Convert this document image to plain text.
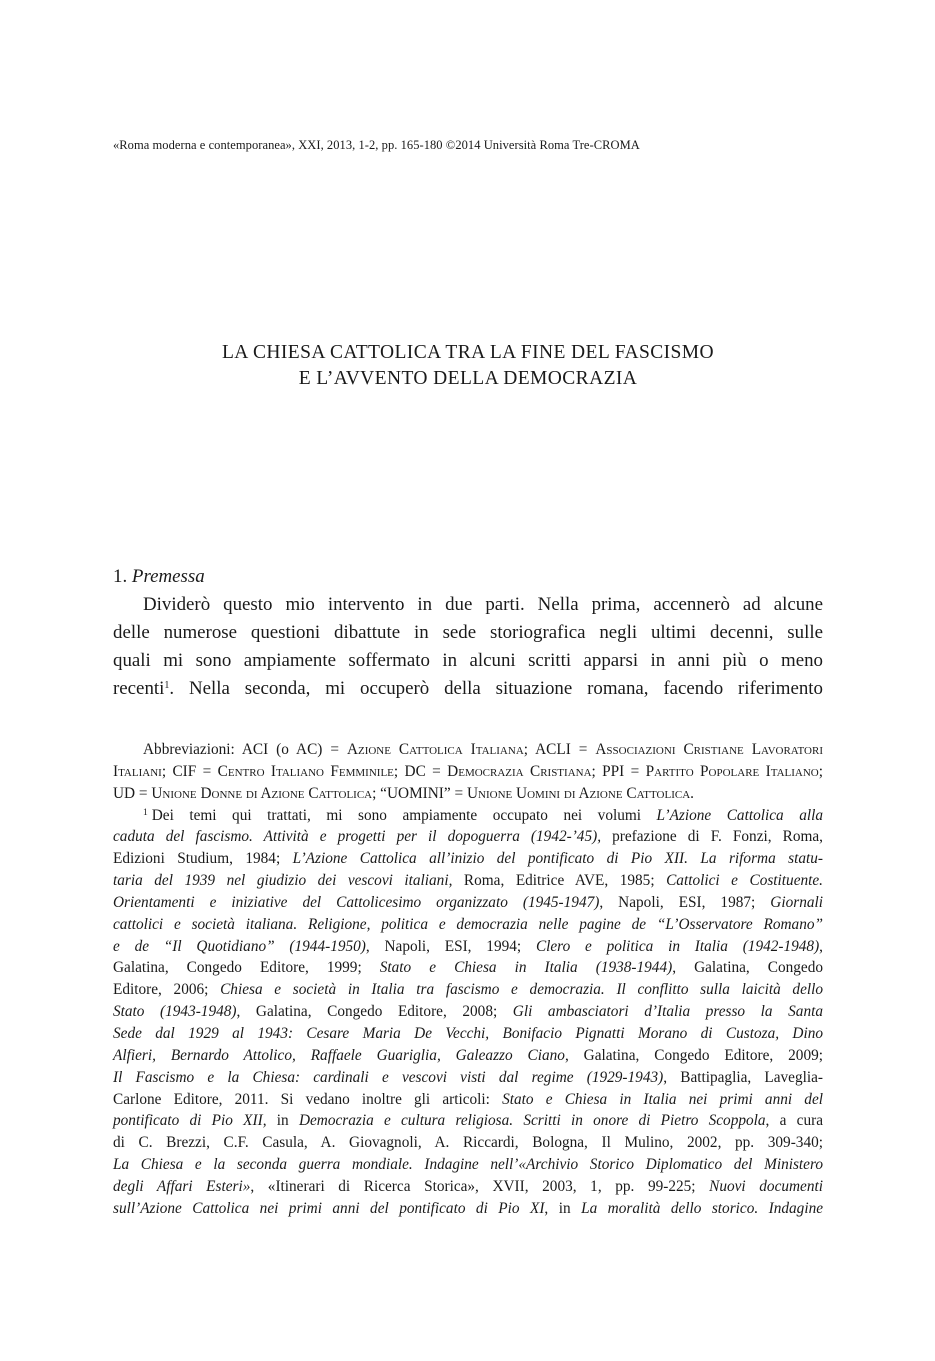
«Roma moderna e contemporanea», XXI, 2013, 1-2, pp. 165-180 ©2014 Università Roma Tre-CROMA
LA CHIESA CATTOLICA TRA LA FINE DEL FASCISMO
E L’AVVENTO DELLA DEMOCRAZIA
1. Premessa
Dividerò questo mio intervento in due parti. Nella prima, accennerò ad alcune
delle numerose questioni dibattute in sede storiografica negli ultimi decenni, sulle
quali mi sono ampiamente soffermato in alcuni scritti apparsi in anni più o meno
recenti$^1$. Nella seconda, mi occuperò della situazione romana, facendo riferimento
Abbreviazioni: ACI (o AC) = Azione Cattolica Italiana; ACLI = Associazioni Cristiane Lavoratori
Italiani; CIF = Centro Italiano Femminile; DC = Democrazia Cristiana; PPI = Partito Popolare Italiano;
UD = Unione Donne di Azione Cattolica; “UOMINI” = Unione Uomini di Azione Cattolica.
$^1$ Dei temi qui trattati, mi sono ampiamente occupato nei volumi L’Azione Cattolica alla
caduta del fascismo. Attività e progetti per il dopoguerra (1942-’45), prefazione di F. Fonzi, Roma,
Edizioni Studium, 1984; L’Azione Cattolica all’inizio del pontificato di Pio XII. La riforma statu-
taria del 1939 nel giudizio dei vescovi italiani, Roma, Editrice AVE, 1985; Cattolici e Costituente.
Orientamenti e iniziative del Cattolicesimo organizzato (1945-1947), Napoli, ESI, 1987; Giornali
cattolici e società italiana. Religione, politica e democrazia nelle pagine de “L’Osservatore Romano”
e de “Il Quotidiano” (1944-1950), Napoli, ESI, 1994; Clero e politica in Italia (1942-1948),
Galatina, Congedo Editore, 1999; Stato e Chiesa in Italia (1938-1944), Galatina, Congedo
Editore, 2006; Chiesa e società in Italia tra fascismo e democrazia. Il conflitto sulla laicità dello
Stato (1943-1948), Galatina, Congedo Editore, 2008; Gli ambasciatori d’Italia presso la Santa
Sede dal 1929 al 1943: Cesare Maria De Vecchi, Bonifacio Pignatti Morano di Custoza, Dino
Alfieri, Bernardo Attolico, Raffaele Guariglia, Galeazzo Ciano, Galatina, Congedo Editore, 2009;
Il Fascismo e la Chiesa: cardinali e vescovi visti dal regime (1929-1943), Battipaglia, Laveglia-
Carlone Editore, 2011. Si vedano inoltre gli articoli: Stato e Chiesa in Italia nei primi anni del
pontificato di Pio XII, in Democrazia e cultura religiosa. Scritti in onore di Pietro Scoppola, a cura
di C. Brezzi, C.F. Casula, A. Giovagnoli, A. Riccardi, Bologna, Il Mulino, 2002, pp. 309-340;
La Chiesa e la seconda guerra mondiale. Indagine nell’«Archivio Storico Diplomatico del Ministero
degli Affari Esteri», «Itinerari di Ricerca Storica», XVII, 2003, 1, pp. 99-225; Nuovi documenti
sull’Azione Cattolica nei primi anni del pontificato di Pio XI, in La moralità dello storico. Indagine
